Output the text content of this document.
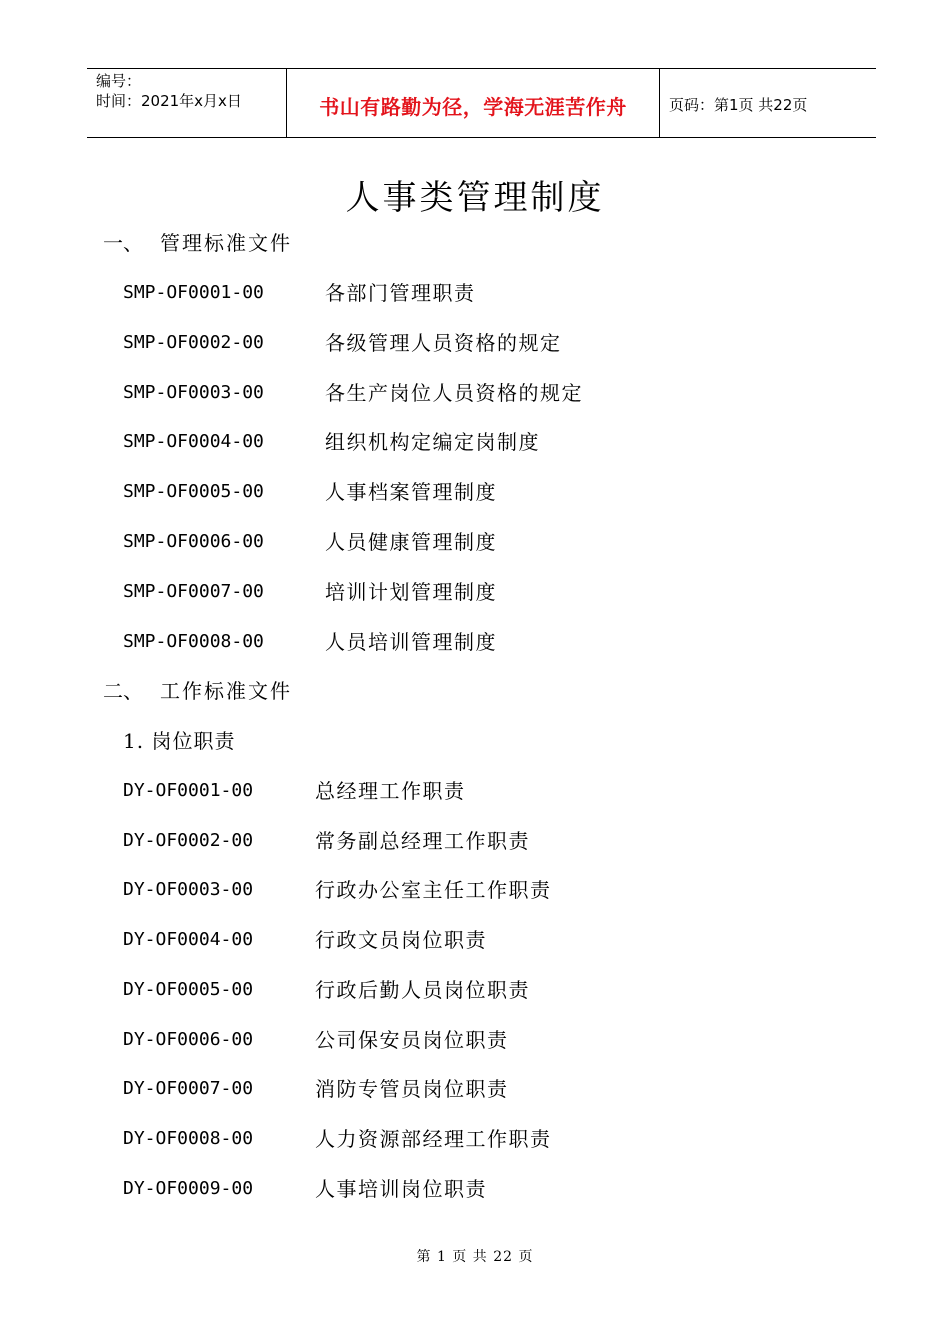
编号：
时间：2021年x月x日	书山有路勤为径，学海无涯苦作舟	页码：第1页 共22页
人事类管理制度
一、 管理标准文件
SMP-OF0001-00	各部门管理职责
SMP-OF0002-00	各级管理人员资格的规定
SMP-OF0003-00	各生产岗位人员资格的规定
SMP-OF0004-00	组织机构定编定岗制度
SMP-OF0005-00	人事档案管理制度
SMP-OF0006-00	人员健康管理制度
SMP-OF0007-00	培训计划管理制度
SMP-OF0008-00	人员培训管理制度
二、 工作标准文件
1. 岗位职责
DY-OF0001-00	总经理工作职责
DY-OF0002-00	常务副总经理工作职责
DY-OF0003-00	行政办公室主任工作职责
DY-OF0004-00	行政文员岗位职责
DY-OF0005-00	行政后勤人员岗位职责
DY-OF0006-00	公司保安员岗位职责
DY-OF0007-00	消防专管员岗位职责
DY-OF0008-00	人力资源部经理工作职责
DY-OF0009-00	人事培训岗位职责
第 1 页 共 22 页
